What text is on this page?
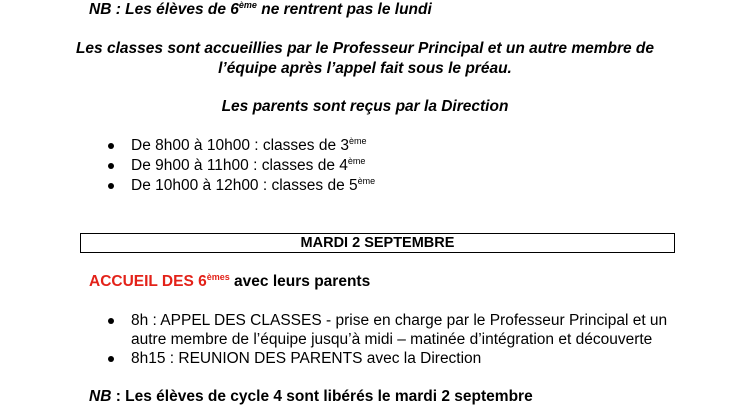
NB : Les élèves de 6ème ne rentrent pas le lundi
Les classes sont accueillies par le Professeur Principal et un autre membre de
l’équipe après l’appel fait sous le préau.
Les parents sont reçus par la Direction
De 8h00 à 10h00 : classes de 3ème
De 9h00 à 11h00 : classes de 4ème
De 10h00 à 12h00 : classes de 5ème
MARDI 2 SEPTEMBRE
ACCUEIL DES 6èmes avec leurs parents
8h : APPEL DES CLASSES - prise en charge par le Professeur Principal et un
autre membre de l’équipe jusqu’à midi – matinée d’intégration et découverte
8h15 : REUNION DES PARENTS avec la Direction
NB : Les élèves de cycle 4 sont libérés le mardi 2 septembre
